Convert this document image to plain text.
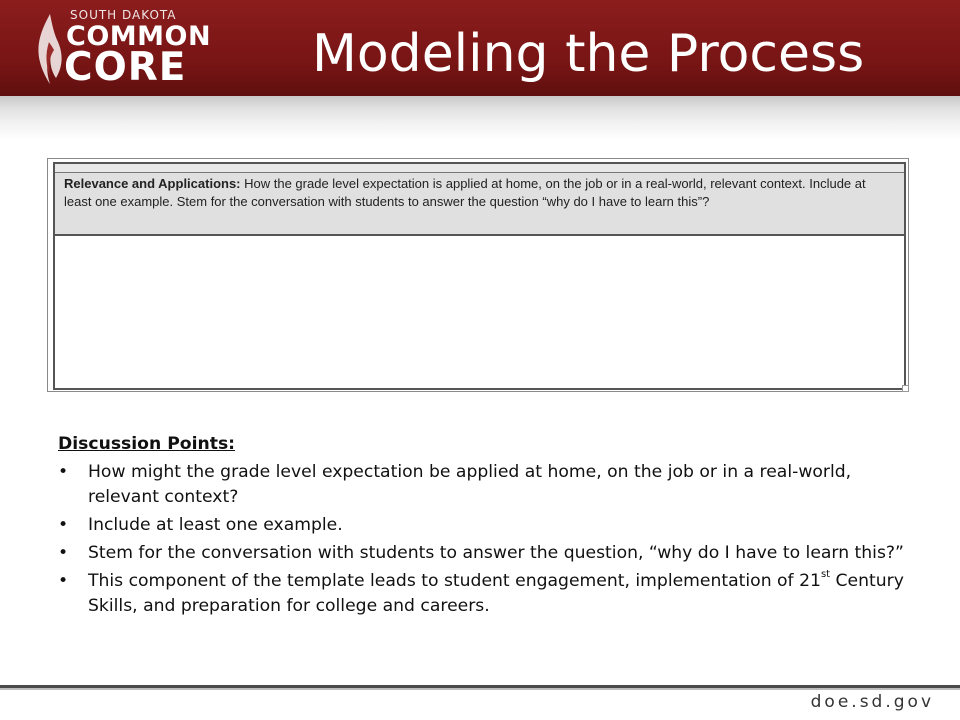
SOUTH DAKOTA
COMMON
CORE Modeling the Process
Relevance and Applications: How the grade level expectation is applied at home, on the job or in a real-world, relevant context. Include at least one example. Stem for the conversation with students to answer the question “why do I have to learn this”?

Discussion Points:

• How might the grade level expectation be applied at home, on the job or in a real-world, relevant context?
• Include at least one example.
• Stem for the conversation with students to answer the question, “why do I have to learn this?”
• This component of the template leads to student engagement, implementation of 21st Century Skills, and preparation for college and careers.
doe.sd.gov
